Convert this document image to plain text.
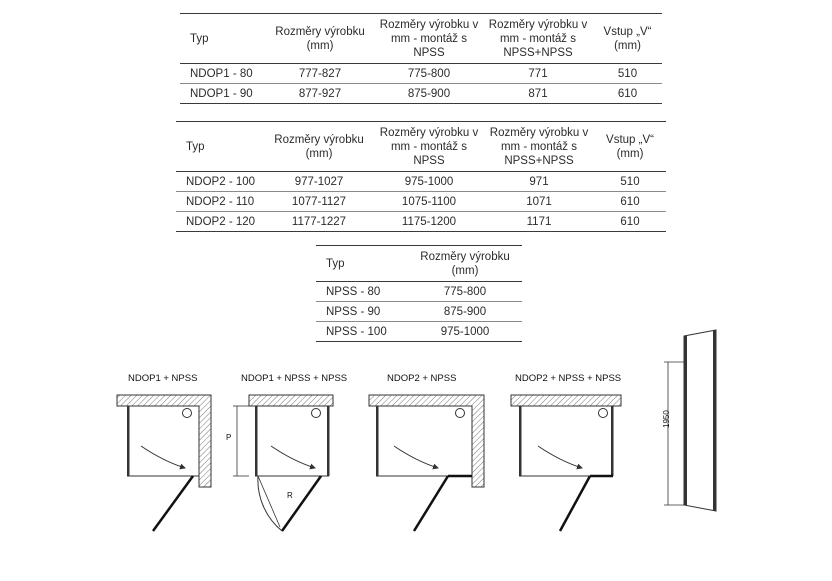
Typ	Rozměry výrobku (mm)	Rozměry výrobku v mm - montáž s NPSS	Rozměry výrobku v mm - montáž s NPSS+NPSS	Vstup „V“ (mm)
NDOP1 - 80	777-827	775-800	771	510
NDOP1 - 90	877-927	875-900	871	610
Typ	Rozměry výrobku (mm)	Rozměry výrobku v mm - montáž s NPSS	Rozměry výrobku v mm - montáž s NPSS+NPSS	Vstup „V“ (mm)
NDOP2 - 100	977-1027	975-1000	971	510
NDOP2 - 110	1077-1127	1075-1100	1071	610
NDOP2 - 120	1177-1227	1175-1200	1171	610
Typ	Rozměry výrobku (mm)
NPSS - 80	775-800
NPSS - 90	875-900
NPSS - 100	975-1000
NDOP1 + NPSS	NDOP1 + NPSS + NPSS	NDOP2 + NPSS	NDOP2 + NPSS + NPSS
P
R
1950
